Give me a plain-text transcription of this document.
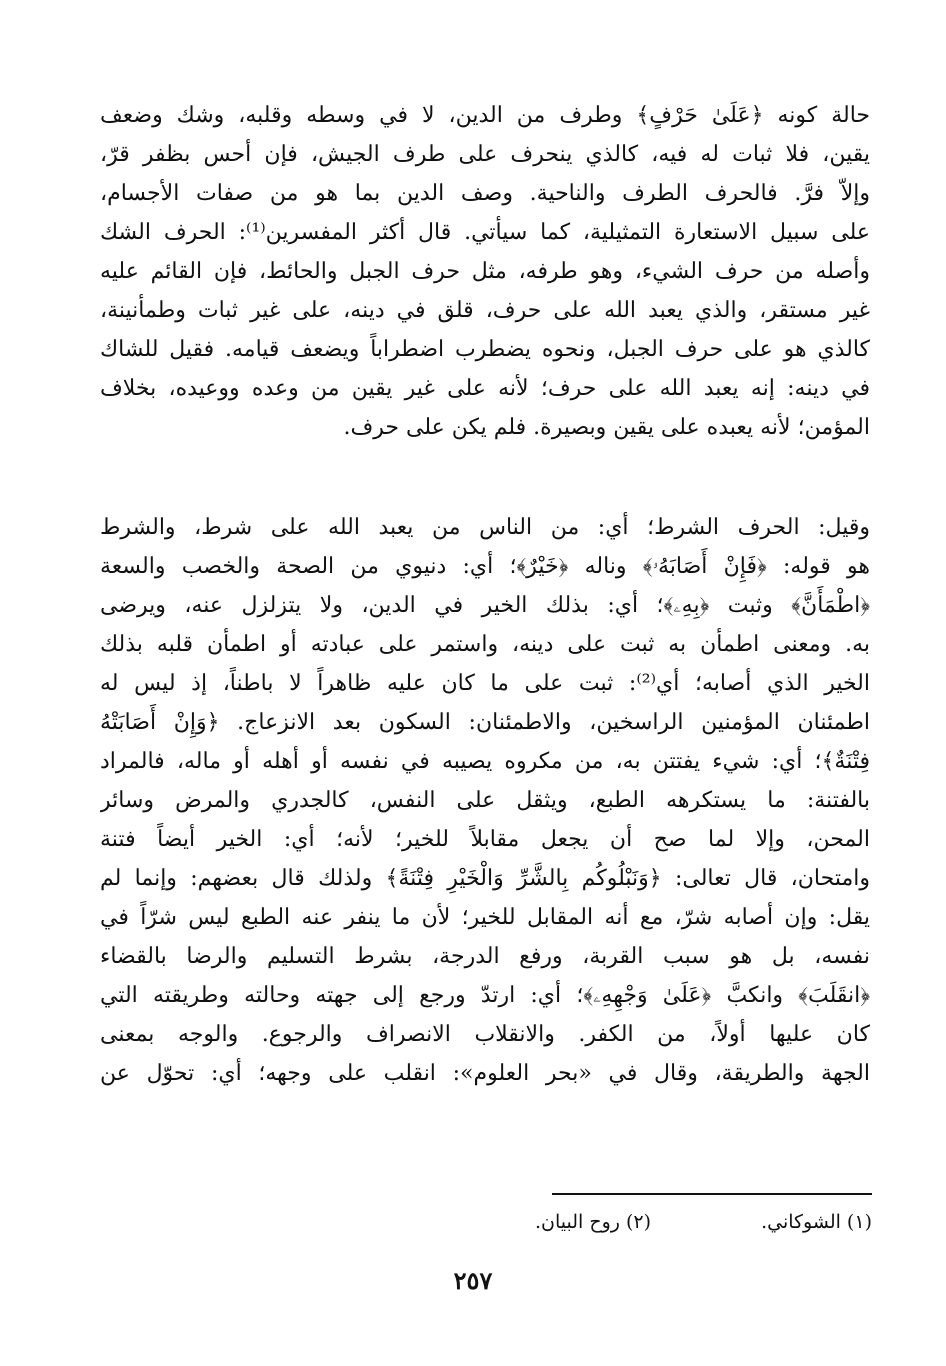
حالة كونه ﴿عَلَىٰ حَرْفٍ﴾ وطرف من الدين، لا في وسطه وقلبه، وشك وضعف
يقين، فلا ثبات له فيه، كالذي ينحرف على طرف الجيش، فإن أحس بظفر قرّ،
وإلاّ فرَّ. فالحرف الطرف والناحية. وصف الدين بما هو من صفات الأجسام،
على سبيل الاستعارة التمثيلية، كما سيأتي. قال أكثر المفسرين⁽¹⁾: الحرف الشك
وأصله من حرف الشيء، وهو طرفه، مثل حرف الجبل والحائط، فإن القائم عليه
غير مستقر، والذي يعبد الله على حرف، قلق في دينه، على غير ثبات وطمأنينة،
كالذي هو على حرف الجبل، ونحوه يضطرب اضطراباً ويضعف قيامه. فقيل للشاك
في دينه: إنه يعبد الله على حرف؛ لأنه على غير يقين من وعده ووعيده، بخلاف
المؤمن؛ لأنه يعبده على يقين وبصيرة. فلم يكن على حرف.
وقيل: الحرف الشرط؛ أي: من الناس من يعبد الله على شرط، والشرط
هو قوله: ﴿فَإِنْ أَصَابَهُۥ﴾ وناله ﴿خَيْرٌ﴾؛ أي: دنيوي من الصحة والخصب والسعة
﴿اطْمَأَنَّ﴾ وثبت ﴿بِهِۦ﴾؛ أي: بذلك الخير في الدين، ولا يتزلزل عنه، ويرضى
به. ومعنى اطمأن به ثبت على دينه، واستمر على عبادته أو اطمأن قلبه بذلك
الخير الذي أصابه؛ أي⁽²⁾: ثبت على ما كان عليه ظاهراً لا باطناً، إذ ليس له
اطمئنان المؤمنين الراسخين، والاطمئنان: السكون بعد الانزعاج. ﴿وَإِنْ أَصَابَتْهُ
فِتْنَةٌ﴾؛ أي: شيء يفتتن به، من مكروه يصيبه في نفسه أو أهله أو ماله، فالمراد
بالفتنة: ما يستكرهه الطبع، ويثقل على النفس، كالجدري والمرض وسائر
المحن، وإلا لما صح أن يجعل مقابلاً للخير؛ لأنه؛ أي: الخير أيضاً فتنة
وامتحان، قال تعالى: ﴿وَنَبْلُوكُم بِالشَّرِّ وَالْخَيْرِ فِتْنَةً﴾ ولذلك قال بعضهم: وإنما لم
يقل: وإن أصابه شرّ، مع أنه المقابل للخير؛ لأن ما ينفر عنه الطبع ليس شرّاً في
نفسه، بل هو سبب القربة، ورفع الدرجة، بشرط التسليم والرضا بالقضاء
﴿انقَلَبَ﴾ وانكبَّ ﴿عَلَىٰ وَجْهِهِۦ﴾؛ أي: ارتدّ ورجع إلى جهته وحالته وطريقته التي
كان عليها أولاً، من الكفر. والانقلاب الانصراف والرجوع. والوجه بمعنى
الجهة والطريقة، وقال في «بحر العلوم»: انقلب على وجهه؛ أي: تحوّل عن
(١) الشوكاني.(٢) روح البيان.
٢٥٧
